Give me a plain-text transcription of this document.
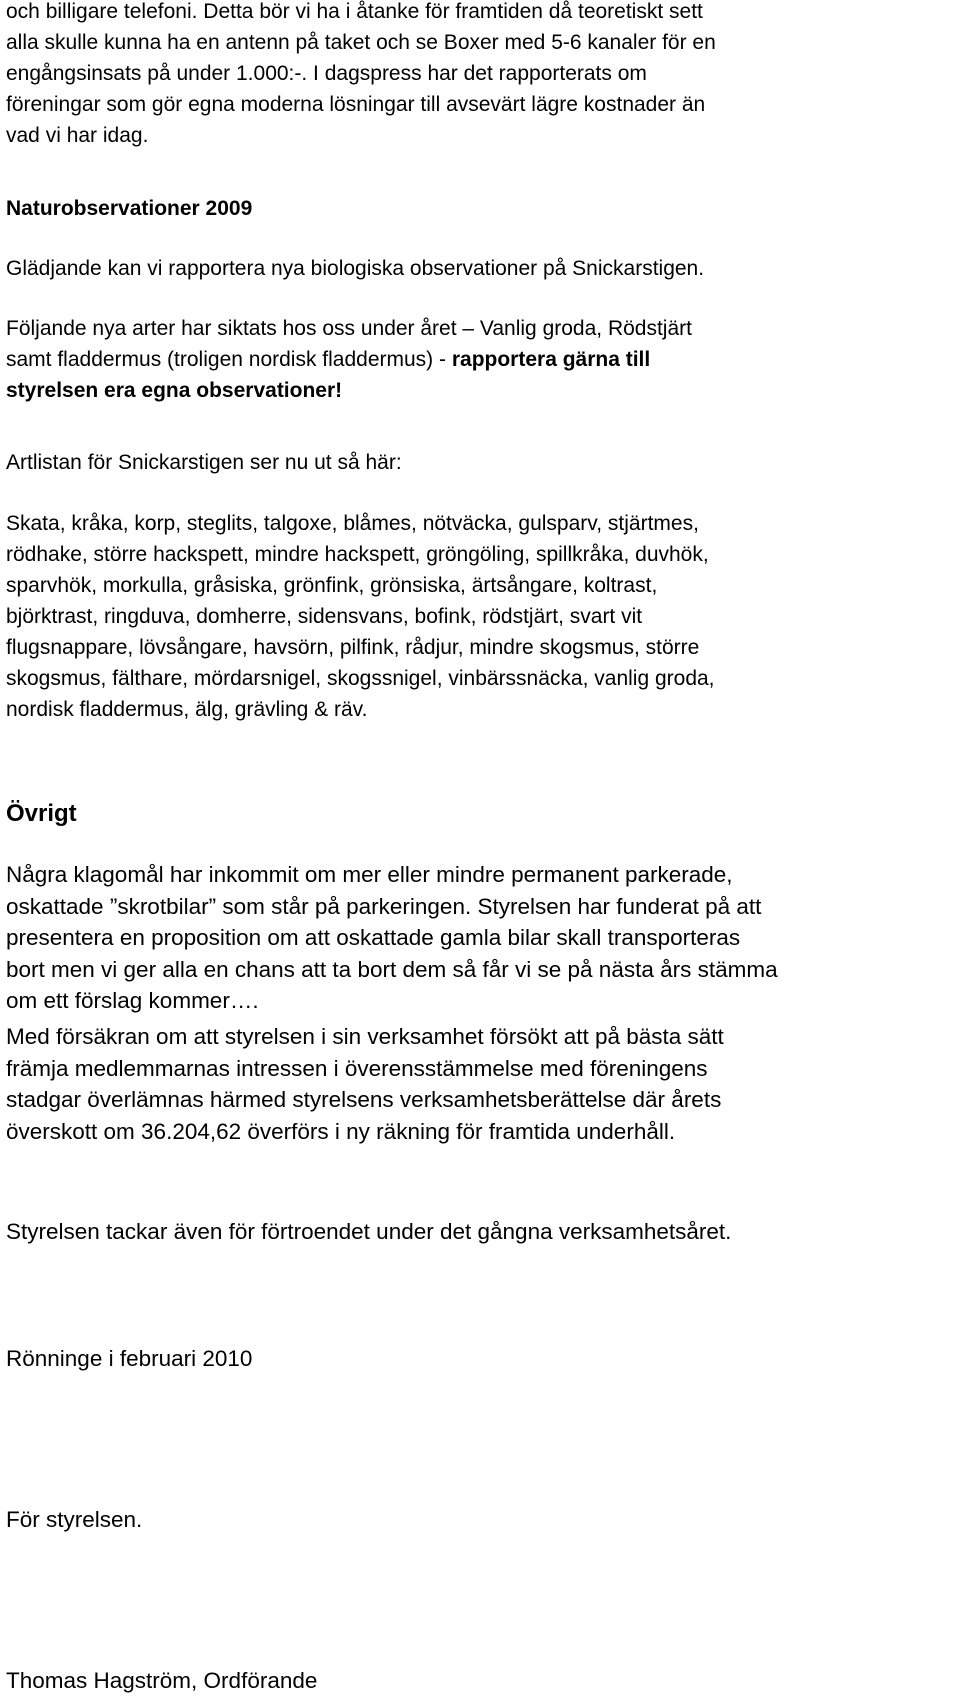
och billigare telefoni. Detta bör vi ha i åtanke för framtiden då teoretiskt sett
alla skulle kunna ha en antenn på taket och se Boxer med 5-6 kanaler för en
engångsinsats på under 1.000:-. I dagspress har det rapporterats om
föreningar som gör egna moderna lösningar till avsevärt lägre kostnader än
vad vi har idag.

Naturobservationer 2009

Glädjande kan vi rapportera nya biologiska observationer på Snickarstigen.

Följande nya arter har siktats hos oss under året – Vanlig groda, Rödstjärt
samt fladdermus (troligen nordisk fladdermus) - rapportera gärna till
styrelsen era egna observationer!

Artlistan för Snickarstigen ser nu ut så här:

Skata, kråka, korp, steglits, talgoxe, blåmes, nötväcka, gulsparv, stjärtmes,
rödhake, större hackspett, mindre hackspett, gröngöling, spillkråka, duvhök,
sparvhök, morkulla, gråsiska, grönfink, grönsiska, ärtsångare, koltrast,
björktrast, ringduva, domherre, sidensvans, bofink, rödstjärt, svart vit
flugsnappare, lövsångare, havsörn, pilfink, rådjur, mindre skogsmus, större
skogsmus, fälthare, mördarsnigel, skogssnigel, vinbärssnäcka, vanlig groda,
nordisk fladdermus, älg, grävling & räv.

Övrigt

Några klagomål har inkommit om mer eller mindre permanent parkerade,
oskattade ”skrotbilar” som står på parkeringen. Styrelsen har funderat på att
presentera en proposition om att oskattade gamla bilar skall transporteras
bort men vi ger alla en chans att ta bort dem så får vi se på nästa års stämma
om ett förslag kommer….

Med försäkran om att styrelsen i sin verksamhet försökt att på bästa sätt
främja medlemmarnas intressen i överensstämmelse med föreningens
stadgar överlämnas härmed styrelsens verksamhetsberättelse där årets
överskott om 36.204,62 överförs i ny räkning för framtida underhåll.

Styrelsen tackar även för förtroendet under det gångna verksamhetsåret.

Rönninge i februari 2010

För styrelsen.

Thomas Hagström, Ordförande
